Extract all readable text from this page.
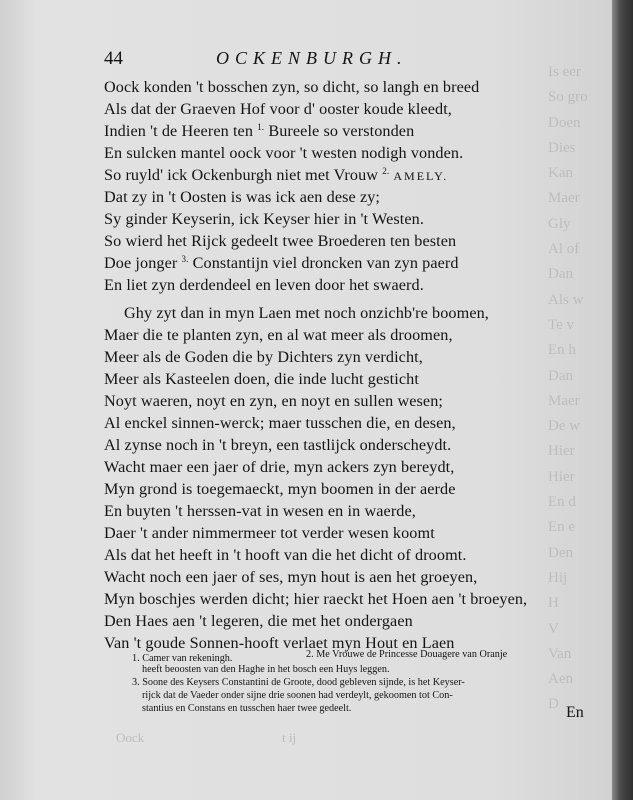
Is eer
So gro
Doen
Dies
Kan
Maer
Gly
Al of
Dan
Als w
Te v
En h
Dan
Maer
De w
Hier
Hier
En d
En e
Den
Hij
H
V
Van
Aen
D
44	OCKENBURGH.
Oock konden 't bosschen zyn, so dicht, so langh en breed
Als dat der Graeven Hof voor d' ooster koude kleedt,
Indien 't de Heeren ten $^{1.}$ Bureele so verstonden
En sulcken mantel oock voor 't westen nodigh vonden.
So ruyld' ick Ockenburgh niet met Vrouw $^{2.}$ AMELY.
Dat zy in 't Oosten is was ick aen dese zy;
Sy ginder Keyserin, ick Keyser hier in 't Westen.
So wierd het Rijck gedeelt twee Broederen ten besten
Doe jonger $^{3.}$ Constantijn viel droncken van zyn paerd
En liet zyn derdendeel en leven door het swaerd.
Ghy zyt dan in myn Laen met noch onzichb're boomen,
Maer die te planten zyn, en al wat meer als droomen,
Meer als de Goden die by Dichters zyn verdicht,
Meer als Kasteelen doen, die inde lucht gesticht
Noyt waeren, noyt en zyn, en noyt en sullen wesen;
Al enckel sinnen-werck; maer tusschen die, en desen,
Al zynse noch in 't breyn, een tastlijck onderscheydt.
Wacht maer een jaer of drie, myn ackers zyn bereydt,
Myn grond is toegemaeckt, myn boomen in der aerde
En buyten 't herssen-vat in wesen en in waerde,
Daer 't ander nimmermeer tot verder wesen koomt
Als dat het heeft in 't hooft van die het dicht of droomt.
Wacht noch een jaer of ses, myn hout is aen het groeyen,
Myn boschjes werden dicht; hier raeckt het Hoen aen 't broeyen,
Den Haes aen 't legeren, die met het ondergaen
Van 't goude Sonnen-hooft verlaet myn Hout en Laen
1. Camer van rekeningh.	2. Me Vrouwe de Princesse Douagere van Oranje
heeft beoosten van den Haghe in het bosch een Huys leggen.
3. Soone des Keysers Constantini de Groote, dood gebleven sijnde, is het Keyser-
rijck dat de Vaeder onder sijne drie soonen had verdeylt, gekoomen tot Con-
stantius en Constans en tusschen haer twee gedeelt.	En
Oock	t ij
